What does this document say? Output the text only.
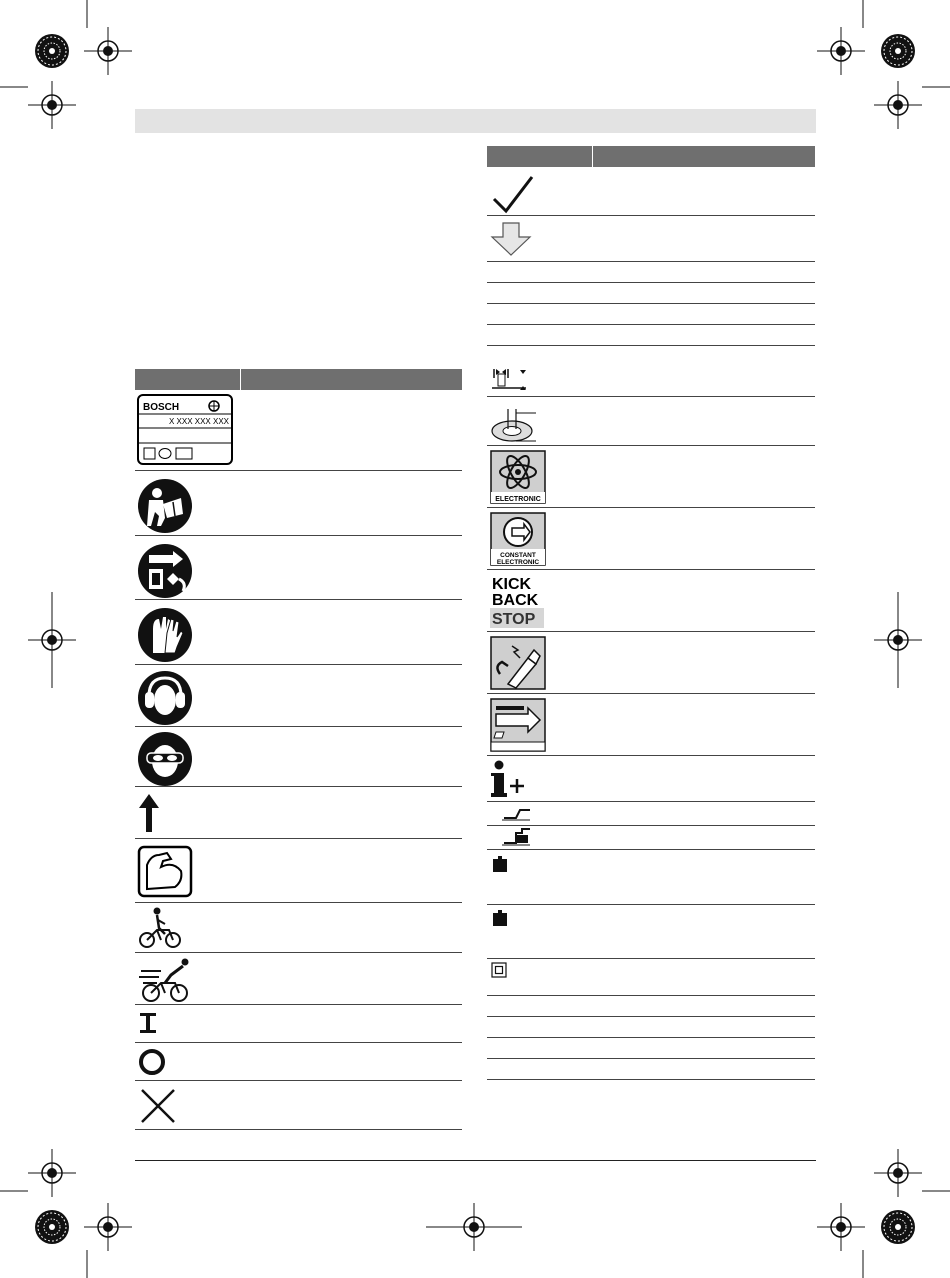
BOSCH
X XXX XXX XXX
ELECTRONIC
CONSTANT
ELECTRONIC
KICK
BACK
STOP
